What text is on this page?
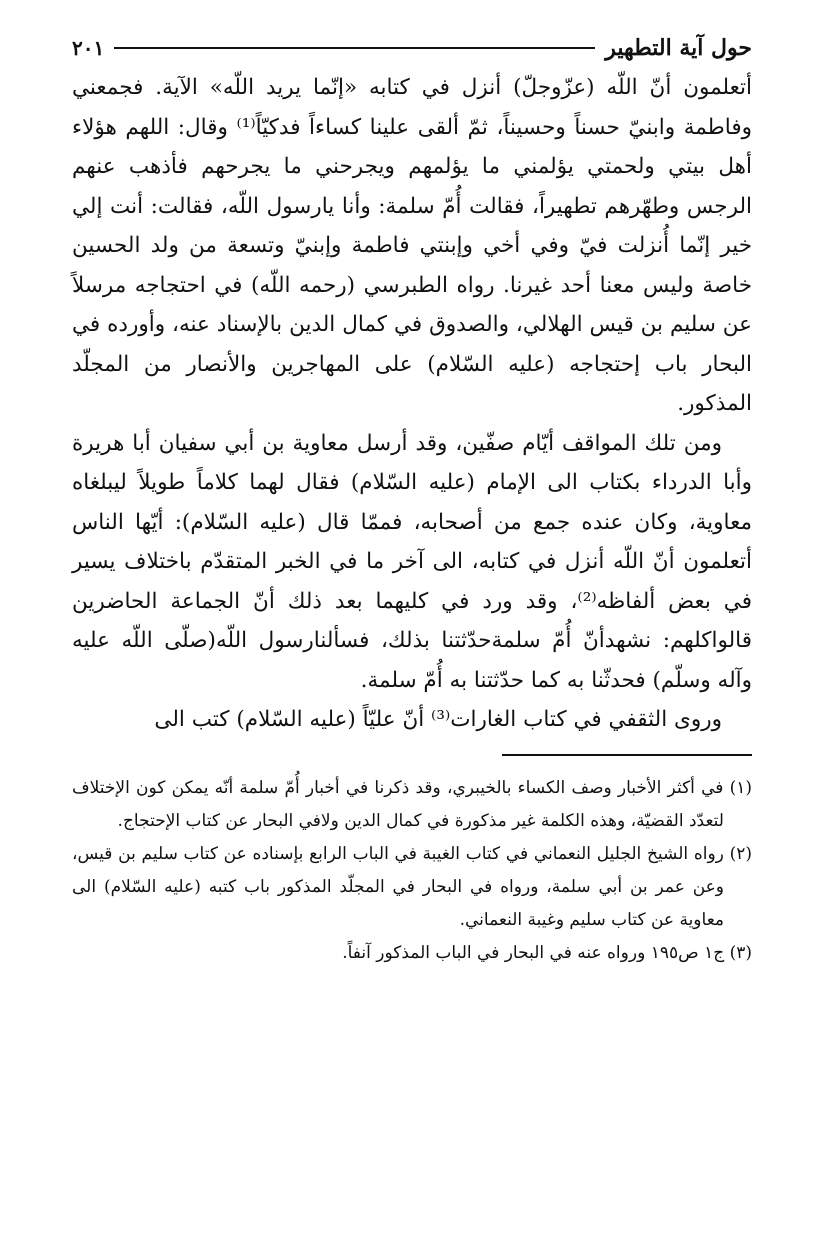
حول آية التطهير
٢٠١

أتعلمون أنّ اللّه (عزّوجلّ) أنزل في كتابه «إنّما يريد اللّه» الآية. فجمعني وفاطمة وابنيّ حسناً وحسيناً، ثمّ ألقى علينا كساءاً فدكيّاً⁽¹⁾ وقال: اللهم هؤلاء أهل بيتي ولحمتي يؤلمني ما يؤلمهم ويجرحني ما يجرحهم فأذهب عنهم الرجس وطهّرهم تطهيراً، فقالت أُمّ سلمة: وأنا يارسول اللّه، فقالت: أنت إلي خير إنّما أُنزلت فيّ وفي أخي وإبنتي فاطمة وإبنيّ وتسعة من ولد الحسين خاصة وليس معنا أحد غيرنا. رواه الطبرسي (رحمه اللّه) في احتجاجه مرسلاً عن سليم بن قيس الهلالي، والصدوق في كمال الدين بالإسناد عنه، وأورده في البحار باب إحتجاجه (عليه السّلام) على المهاجرين والأنصار من المجلّد المذكور.

ومن تلك المواقف أيّام صفّين، وقد أرسل معاوية بن أبي سفيان أبا هريرة وأبا الدرداء بكتاب الى الإمام (عليه السّلام) فقال لهما كلاماً طويلاً ليبلغاه معاوية، وكان عنده جمع من أصحابه، فممّا قال (عليه السّلام): أيّها الناس أتعلمون أنّ اللّه أنزل في كتابه، الى آخر ما في الخبر المتقدّم باختلاف يسير في بعض ألفاظه⁽²⁾، وقد ورد في كليهما بعد ذلك أنّ الجماعة الحاضرين قالواكلهم: نشهدأنّ أُمّ سلمةحدّثتنا بذلك، فسألنارسول اللّه(صلّى اللّه عليه وآله وسلّم) فحدثّنا به كما حدّثتنا به أُمّ سلمة.

وروى الثقفي في كتاب الغارات⁽³⁾ أنّ عليّاً (عليه السّلام) كتب الى

(١) في أكثر الأخبار وصف الكساء بالخيبري، وقد ذكرنا في أخبار أُمّ سلمة أنّه يمكن كون الإختلاف لتعدّد القضيّة، وهذه الكلمة غير مذكورة في كمال الدين ولافي البحار عن كتاب الإحتجاج.

(٢) رواه الشيخ الجليل النعماني في كتاب الغيبة في الباب الرابع بإسناده عن كتاب سليم بن قيس، وعن عمر بن أبي سلمة، ورواه في البحار في المجلّد المذكور باب كتبه (عليه السّلام) الى معاوية عن كتاب سليم وغيبة النعماني.

(٣) ج١ ص١٩٥ ورواه عنه في البحار في الباب المذكور آنفاً.
